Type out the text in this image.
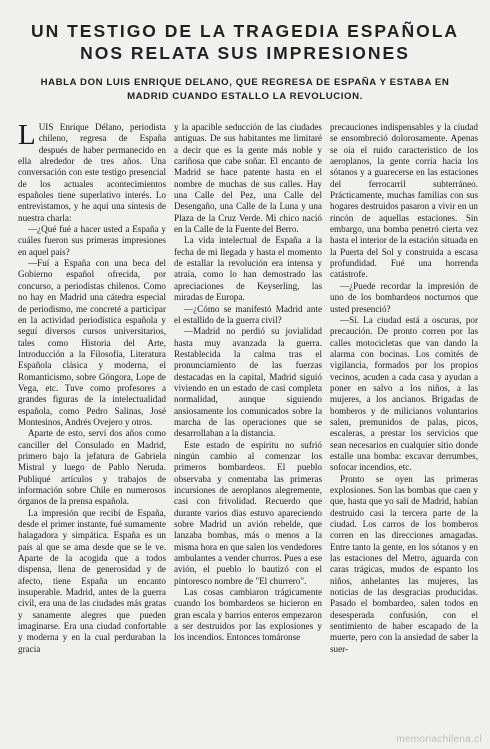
UN TESTIGO DE LA TRAGEDIA ESPAÑOLA
NOS RELATA SUS IMPRESIONES
HABLA DON LUIS ENRIQUE DELANO, QUE REGRESA DE ESPAÑA Y ESTABA EN
MADRID CUANDO ESTALLO LA REVOLUCION.

LUIS Enrique Délano, periodista chileno, regresa de España después de haber permanecido en ella alrededor de tres años. Una conversación con este testigo presencial de los actuales acontecimientos españoles tiene superlativo interés. Lo entrevistamos, y he aquí una síntesis de nuestra charla:

—¿Qué fué a hacer usted a España y cuáles fueron sus primeras impresiones en aquel país?

—Fuí a España con una beca del Gobierno español ofrecida, por concurso, a periodistas chilenos. Como no hay en Madrid una cátedra especial de periodismo, me concreté a participar en la actividad periodística española y seguí diversos cursos universitarios, tales como Historia del Arte, Introducción a la Filosofía, Literatura Española clásica y moderna, el Romanticismo, sobre Góngora, Lope de Vega, etc. Tuve como profesores a grandes figuras de la intelectualidad española, como Pedro Salinas, José Montesinos, Andrés Ovejero y otros.

Aparte de esto, serví dos años como canciller del Consulado en Madrid, primero bajo la jefatura de Gabriela Mistral y luego de Pablo Neruda. Publiqué artículos y trabajos de información sobre Chile en numerosos órganos de la prensa española.

La impresión que recibí de España, desde el primer instante, fué sumamente halagadora y simpática. España es un país al que se ama desde que se le ve. Aparte de la acogida que a todos dispensa, llena de generosidad y de afecto, tiene España un encanto insuperable. Madrid, antes de la guerra civil, era una de las ciudades más gratas y sanamente alegres que pueden imaginarse. Era una ciudad confortable y moderna y en la cual perduraban la gracia

y la apacible seducción de las ciudades antiguas. De sus habitantes me limitaré a decir que es la gente más noble y cariñosa que cabe soñar. El encanto de Madrid se hace patente hasta en el nombre de muchas de sus calles. Hay una Calle del Pez, una Calle del Desengaño, una Calle de la Luna y una Plaza de la Cruz Verde. Mi chico nació en la Calle de la Fuente del Berro.

La vida intelectual de España a la fecha de mi llegada y hasta el momento de estallar la revolución era intensa y atraía, como lo han demostrado las apreciaciones de Keyserling, las miradas de Europa.

—¿Cómo se manifestó Madrid ante el estallido de la guerra civil?

—Madrid no perdió su jovialidad hasta muy avanzada la guerra. Restablecida la calma tras el pronunciamiento de las fuerzas destacadas en la capital, Madrid siguió viviendo en un estado de casi completa normalidad, aunque siguiendo ansiosamente los comunicados sobre la marcha de las operaciones que se desarrollaban a la distancia.

Este estado de espíritu no sufrió ningún cambio al comenzar los primeros bombardeos. El pueblo observaba y comentaba las primeras incursiones de aeroplanos alegremente, casi con frivolidad. Recuerdo que durante varios días estuvo apareciendo sobre Madrid un avión rebelde, que lanzaba bombas, más o menos a la misma hora en que salen los vendedores ambulantes a vender churros. Pues a ese avión, el pueblo lo bautizó con el pintoresco nombre de "El churrero".

Las cosas cambiaron trágicamente cuando los bombardeos se hicieron en gran escala y barrios enteros empezaron a ser destruidos por las explosiones y los incendios. Entonces tomáronse

precauciones indispensables y la ciudad se ensombreció dolorosamente. Apenas se oía el ruido característico de los aeroplanos, la gente corría hacia los sótanos y a guarecerse en las estaciones del ferrocarril subterráneo. Prácticamente, muchas familias con sus hogares destruidos pasaron a vivir en un rincón de aquellas estaciones. Sin embargo, una bomba penetró cierta vez hasta el interior de la estación situada en la Puerta del Sol y construida a escasa profundidad. Fué una horrenda catástrofe.

—¿Puede recordar la impresión de uno de los bombardeos nocturnos que usted presenció?

—Sí. La ciudad está a oscuras, por precaución. De pronto corren por las calles motocicletas que van dando la alarma con bocinas. Los comités de vigilancia, formados por los propios vecinos, acuden a cada casa y ayudan a poner en salvo a los niños, a las mujeres, a los ancianos. Brigadas de bomberos y de milicianos voluntarios salen, premunidos de palas, picos, escaleras, a prestar los servicios que sean necesarios en cualquier sitio donde estalle una bomba: excavar derrumbes, sofocar incendios, etc.

Pronto se oyen las primeras explosiones. Son las bombas que caen y que, hasta que yo salí de Madrid, habían destruido casi la tercera parte de la ciudad. Los carros de los bomberos corren en las direcciones amagadas. Entre tanto la gente, en los sótanos y en las estaciones del Metro, aguarda con caras trágicas, mudos de espanto los niños, anhelantes las mujeres, las noticias de las desgracias producidas. Pasado el bombardeo, salen todos en desesperada confusión, con el sentimiento de haber escapado de la muerte, pero con la ansiedad de saber la suer-

memoriachilena.cl
